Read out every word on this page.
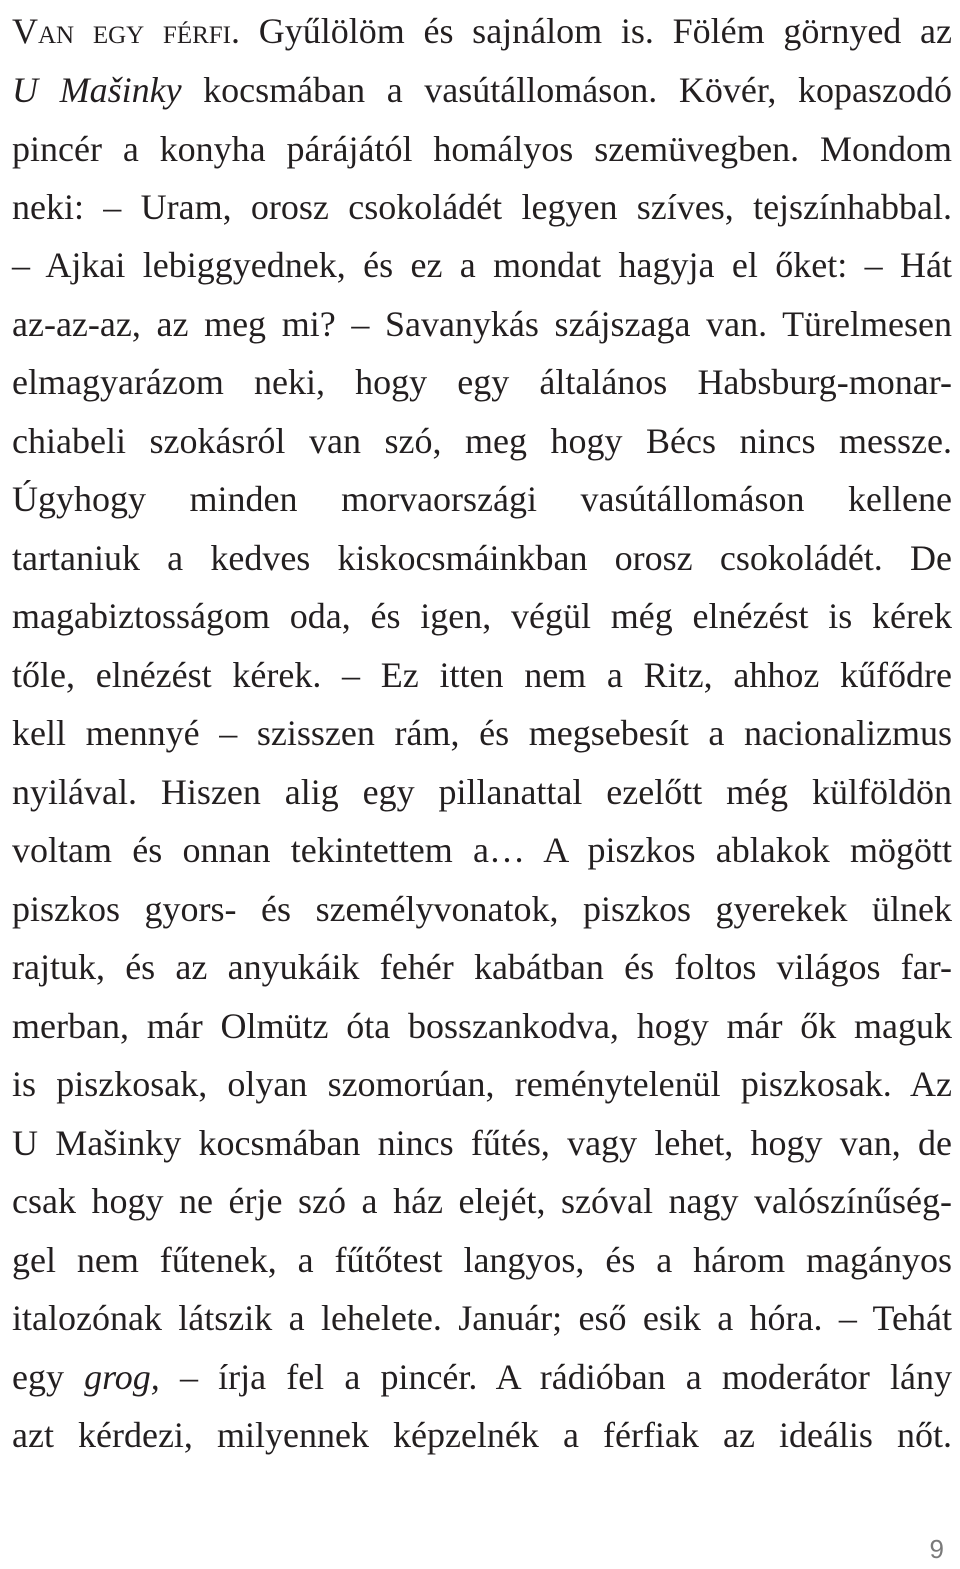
Van egy férfi. Gyűlölöm és sajnálom is. Fölém görnyed az
U Mašinky kocsmában a vasútállomáson. Kövér, kopaszodó
pincér a konyha párájától homályos szemüvegben. Mondom
neki: – Uram, orosz csokoládét legyen szíves, tejszínhabbal.
– Ajkai lebiggyednek, és ez a mondat hagyja el őket: – Hát
az-az-az, az meg mi? – Savanykás szájszaga van. Türelmesen
elmagyarázom neki, hogy egy általános Habsburg-monar-
chiabeli szokásról van szó, meg hogy Bécs nincs messze.
Úgyhogy minden morvaországi vasútállomáson kellene
tartaniuk a kedves kiskocsmáinkban orosz csokoládét. De
magabiztosságom oda, és igen, végül még elnézést is kérek
tőle, elnézést kérek. – Ez itten nem a Ritz, ahhoz kűfődre
kell mennyé – szisszen rám, és megsebesít a nacionalizmus
nyilával. Hiszen alig egy pillanattal ezelőtt még külföldön
voltam és onnan tekintettem a… A piszkos ablakok mögött
piszkos gyors- és személyvonatok, piszkos gyerekek ülnek
rajtuk, és az anyukáik fehér kabátban és foltos világos far-
merban, már Olmütz óta bosszankodva, hogy már ők maguk
is piszkosak, olyan szomorúan, reménytelenül piszkosak. Az
U Mašinky kocsmában nincs fűtés, vagy lehet, hogy van, de
csak hogy ne érje szó a ház elejét, szóval nagy valószínűség-
gel nem fűtenek, a fűtőtest langyos, és a három magányos
italozónak látszik a lehelete. Január; eső esik a hóra. – Tehát
egy grog, – írja fel a pincér. A rádióban a moderátor lány
azt kérdezi, milyennek képzelnék a férfiak az ideális nőt.
9
